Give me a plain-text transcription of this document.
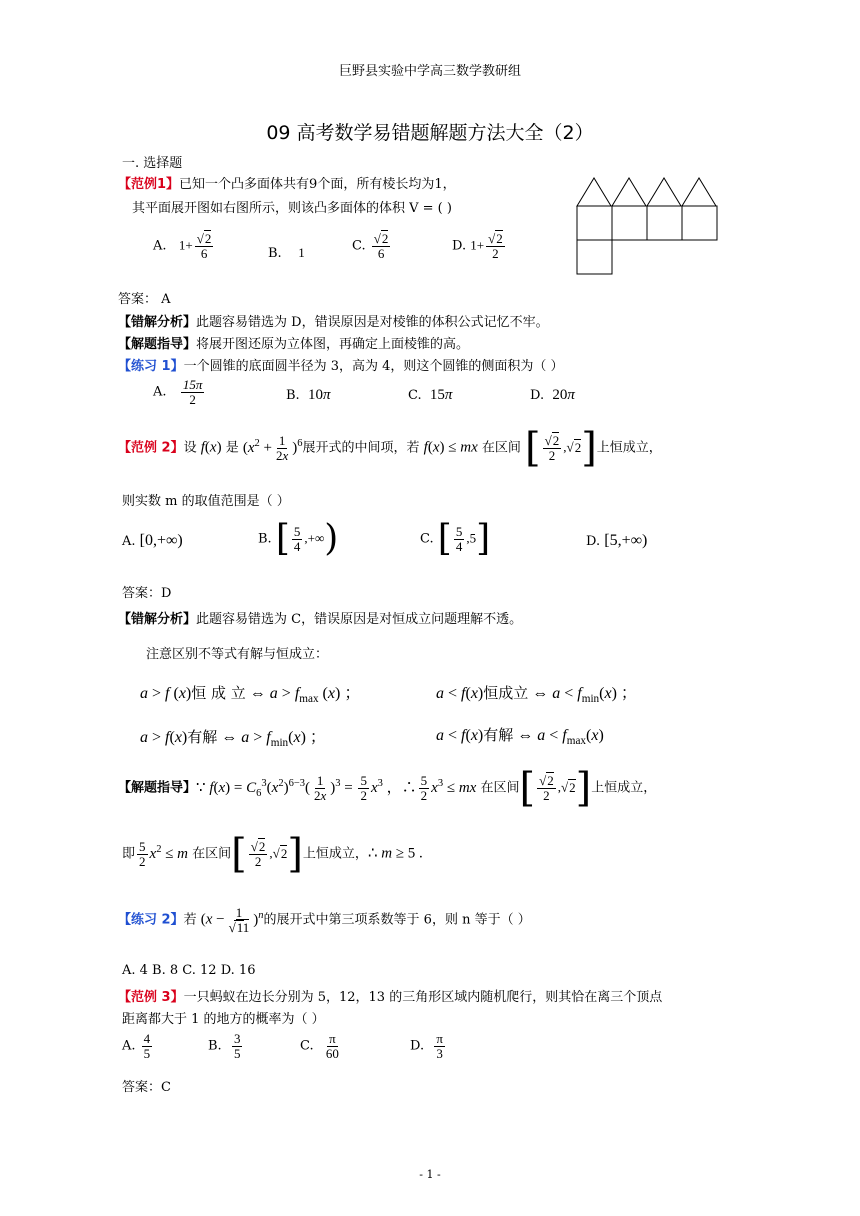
巨野县实验中学高三数学教研组
09 高考数学易错题解题方法大全（2）
一. 选择题
【范例1】已知一个凸多面体共有9个面，所有棱长均为1，
其平面展开图如右图所示，则该凸多面体的体积 V = ( )
A.   $1+ \frac{√2}{6}$	B.    1	C. $\frac{√2}{6}$	D. $1+ \frac{√2}{2}$
答案： A
【错解分析】此题容易错选为 D，错误原因是对棱锥的体积公式记忆不牢。
【解题指导】将展开图还原为立体图，再确定上面棱锥的高。
【练习 1】一个圆锥的底面圆半径为 3，高为 4，则这个圆锥的侧面积为（ ）
A. $\frac{15\pi}{2}$	B.  10π	C.  15π	D.  20π
【范例 2】设 f(x) 是 $(x^2 + \frac{1}{2x} )^6$展开式的中间项，若 f(x) ≤ mx 在区间 [ $\frac{√2}{2} ,√2$]上恒成立，
则实数 m 的取值范围是（ ）
A. [0,+∞)	B. [ $\frac{5}{4}$ ,+∞)	C. [ $\frac{5}{4} ,5$]	D. [5,+∞)
答案：D
【错解分析】此题容易错选为 C，错误原因是对恒成立问题理解不透。
注意区别不等式有解与恒成立：
a > f (x)恒 成 立 ⇔ $a > f_{max}$ (x) ；	a < f(x)恒成立 ⇔ $a < f_{min}(x)$ ；
a > f(x)有解 ⇔ $a > f_{min}(x)$ ；	a < f(x)有解 ⇔ $a < f_{max}(x)$
【解题指导】∵ $f(x) = C_6^3(x^2)^{6-3}( \frac{1}{2x} )^3 = \frac{5}{2} x^3$ ，∴ $\frac{5}{2} x^3$ ≤ mx 在区间[ $\frac{√2}{2} ,√2$]上恒成立，
即 $\frac{5}{2} x^2 \le m$ 在区间[ $\frac{√2}{2} ,√2$]上恒成立，∴ m ≥ 5 .
【练习 2】若 $(x - \frac{1}{√11} )^n$的展开式中第三项系数等于 6，则 n 等于（ ）
A. 4 B. 8 C. 12 D. 16
【范例 3】一只蚂蚁在边长分别为 5，12，13 的三角形区域内随机爬行，则其恰在离三个顶点
距离都大于 1 的地方的概率为（ ）
A. $\frac{4}{5}$	B. $\frac{3}{5}$	C. $\frac{\pi}{60}$	D. $\frac{\pi}{3}$
答案：C
- 1 -
